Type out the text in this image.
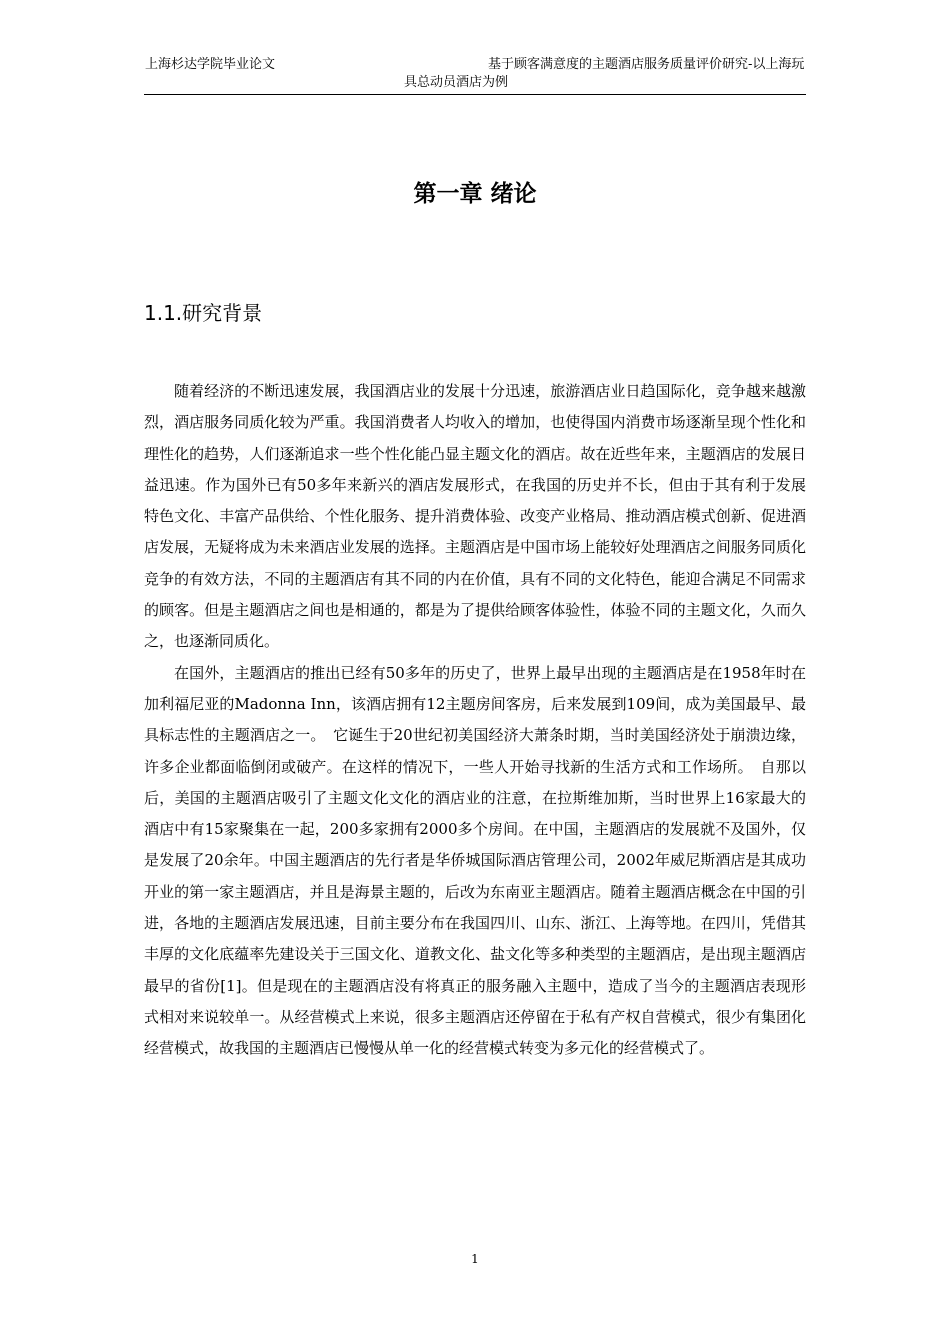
上海杉达学院毕业论文	基于顾客满意度的主题酒店服务质量评价研究-以上海玩具总动员酒店为例
第一章 绪论
1.1.研究背景

随着经济的不断迅速发展，我国酒店业的发展十分迅速，旅游酒店业日趋国际化，竞争越来越激烈，酒店服务同质化较为严重。我国消费者人均收入的增加，也使得国内消费市场逐渐呈现个性化和理性化的趋势，人们逐渐追求一些个性化能凸显主题文化的酒店。故在近些年来，主题酒店的发展日益迅速。作为国外已有50多年来新兴的酒店发展形式，在我国的历史并不长，但由于其有利于发展特色文化、丰富产品供给、个性化服务、提升消费体验、改变产业格局、推动酒店模式创新、促进酒店发展，无疑将成为未来酒店业发展的选择。主题酒店是中国市场上能较好处理酒店之间服务同质化竞争的有效方法，不同的主题酒店有其不同的内在价值，具有不同的文化特色，能迎合满足不同需求的顾客。但是主题酒店之间也是相通的，都是为了提供给顾客体验性，体验不同的主题文化，久而久之，也逐渐同质化。

在国外，主题酒店的推出已经有50多年的历史了，世界上最早出现的主题酒店是在1958年时在加利福尼亚的Madonna Inn，该酒店拥有12主题房间客房，后来发展到109间，成为美国最早、最具标志性的主题酒店之一。　它诞生于20世纪初美国经济大萧条时期，当时美国经济处于崩溃边缘，许多企业都面临倒闭或破产。在这样的情况下，一些人开始寻找新的生活方式和工作场所。　自那以后，美国的主题酒店吸引了主题文化文化的酒店业的注意，在拉斯维加斯，当时世界上16家最大的酒店中有15家聚集在一起，200多家拥有2000多个房间。在中国，主题酒店的发展就不及国外，仅是发展了20余年。中国主题酒店的先行者是华侨城国际酒店管理公司，2002年威尼斯酒店是其成功开业的第一家主题酒店，并且是海景主题的，后改为东南亚主题酒店。随着主题酒店概念在中国的引进，各地的主题酒店发展迅速，目前主要分布在我国四川、山东、浙江、上海等地。在四川，凭借其丰厚的文化底蕴率先建设关于三国文化、道教文化、盐文化等多种类型的主题酒店，是出现主题酒店最早的省份[1]。但是现在的主题酒店没有将真正的服务融入主题中，造成了当今的主题酒店表现形式相对来说较单一。从经营模式上来说，很多主题酒店还停留在于私有产权自营模式，很少有集团化经营模式，故我国的主题酒店已慢慢从单一化的经营模式转变为多元化的经营模式了。

1
